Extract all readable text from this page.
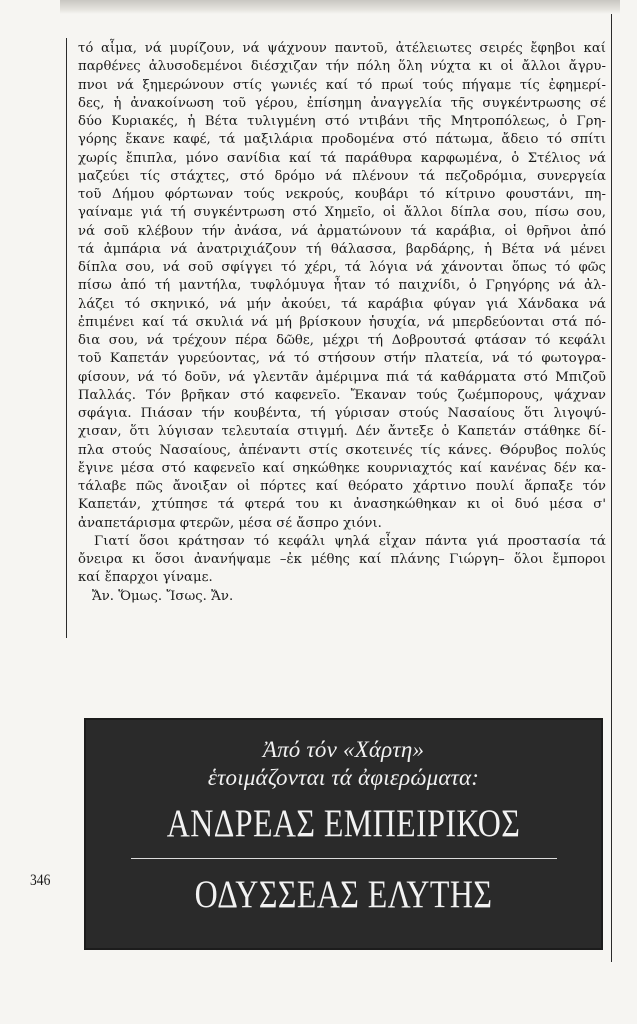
τό αἷμα, νά μυρίζουν, νά ψάχνουν παντοῦ, ἀτέλειωτες σειρές ἔφηβοι καί
παρθένες ἀλυσοδεμένοι διέσχιζαν τήν πόλη ὅλη νύχτα κι οἱ ἄλλοι ἄγρυ-
πνοι νά ξημερώνουν στίς γωνιές καί τό πρωί τούς πήγαμε τίς ἐφημερί-
δες, ἡ ἀνακοίνωση τοῦ γέρου, ἐπίσημη ἀναγγελία τῆς συγκέντρωσης σέ
δύο Κυριακές, ἡ Βέτα τυλιγμένη στό ντιβάνι τῆς Μητροπόλεως, ὁ Γρη-
γόρης ἔκανε καφέ, τά μαξιλάρια προδομένα στό πάτωμα, ἄδειο τό σπίτι
χωρίς ἔπιπλα, μόνο σανίδια καί τά παράθυρα καρφωμένα, ὁ Στέλιος νά
μαζεύει τίς στάχτες, στό δρόμο νά πλένουν τά πεζοδρόμια, συνεργεία
τοῦ Δήμου φόρτωναν τούς νεκρούς, κουβάρι τό κίτρινο φουστάνι, πη-
γαίναμε γιά τή συγκέντρωση στό Χημεῖο, οἱ ἄλλοι δίπλα σου, πίσω σου,
νά σοῦ κλέβουν τήν ἀνάσα, νά ἀρματώνουν τά καράβια, οἱ θρῆνοι ἀπό
τά ἀμπάρια νά ἀνατριχιάζουν τή θάλασσα, βαρδάρης, ἡ Βέτα νά μένει
δίπλα σου, νά σοῦ σφίγγει τό χέρι, τά λόγια νά χάνονται ὅπως τό φῶς
πίσω ἀπό τή μαντήλα, τυφλόμυγα ἦταν τό παιχνίδι, ὁ Γρηγόρης νά ἀλ-
λάζει τό σκηνικό, νά μήν ἀκούει, τά καράβια φύγαν γιά Χάνδακα νά
ἐπιμένει καί τά σκυλιά νά μή βρίσκουν ἡσυχία, νά μπερδεύονται στά πό-
δια σου, νά τρέχουν πέρα δῶθε, μέχρι τή Δοβρουτσά φτάσαν τό κεφάλι
τοῦ Καπετάν γυρεύοντας, νά τό στήσουν στήν πλατεία, νά τό φωτογρα-
φίσουν, νά τό δοῦν, νά γλεντᾶν ἀμέριμνα πιά τά καθάρματα στό Μπιζοῦ
Παλλάς. Τόν βρῆκαν στό καφενεῖο. Ἔκαναν τούς ζωέμπορους, ψάχναν
σφάγια. Πιάσαν τήν κουβέντα, τή γύρισαν στούς Νασαίους ὅτι λιγοψύ-
χισαν, ὅτι λύγισαν τελευταία στιγμή. Δέν ἄντεξε ὁ Καπετάν στάθηκε δί-
πλα στούς Νασαίους, ἀπέναντι στίς σκοτεινές τίς κάνες. Θόρυβος πολύς
ἔγινε μέσα στό καφενεῖο καί σηκώθηκε κουρνιαχτός καί κανένας δέν κα-
τάλαβε πῶς ἄνοιξαν οἱ πόρτες καί θεόρατο χάρτινο πουλί ἅρπαξε τόν
Καπετάν, χτύπησε τά φτερά του κι ἀνασηκώθηκαν κι οἱ δυό μέσα σ'
ἀναπετάρισμα φτερῶν, μέσα σέ ἄσπρο χιόνι.
Γιατί ὅσοι κράτησαν τό κεφάλι ψηλά εἶχαν πάντα γιά προστασία τά
ὄνειρα κι ὅσοι ἀνανήψαμε –ἐκ μέθης καί πλάνης Γιώργη– ὅλοι ἔμποροι
καί ἔπαρχοι γίναμε.
Ἄν. Ὅμως. Ἴσως. Ἄν.
Ἀπό τόν «Χάρτη»
ἑτοιμάζονται τά ἀφιερώματα:
ΑΝΔΡΕΑΣ ΕΜΠΕΙΡΙΚΟΣ
ΟΔΥΣΣΕΑΣ ΕΛΥΤΗΣ
346
